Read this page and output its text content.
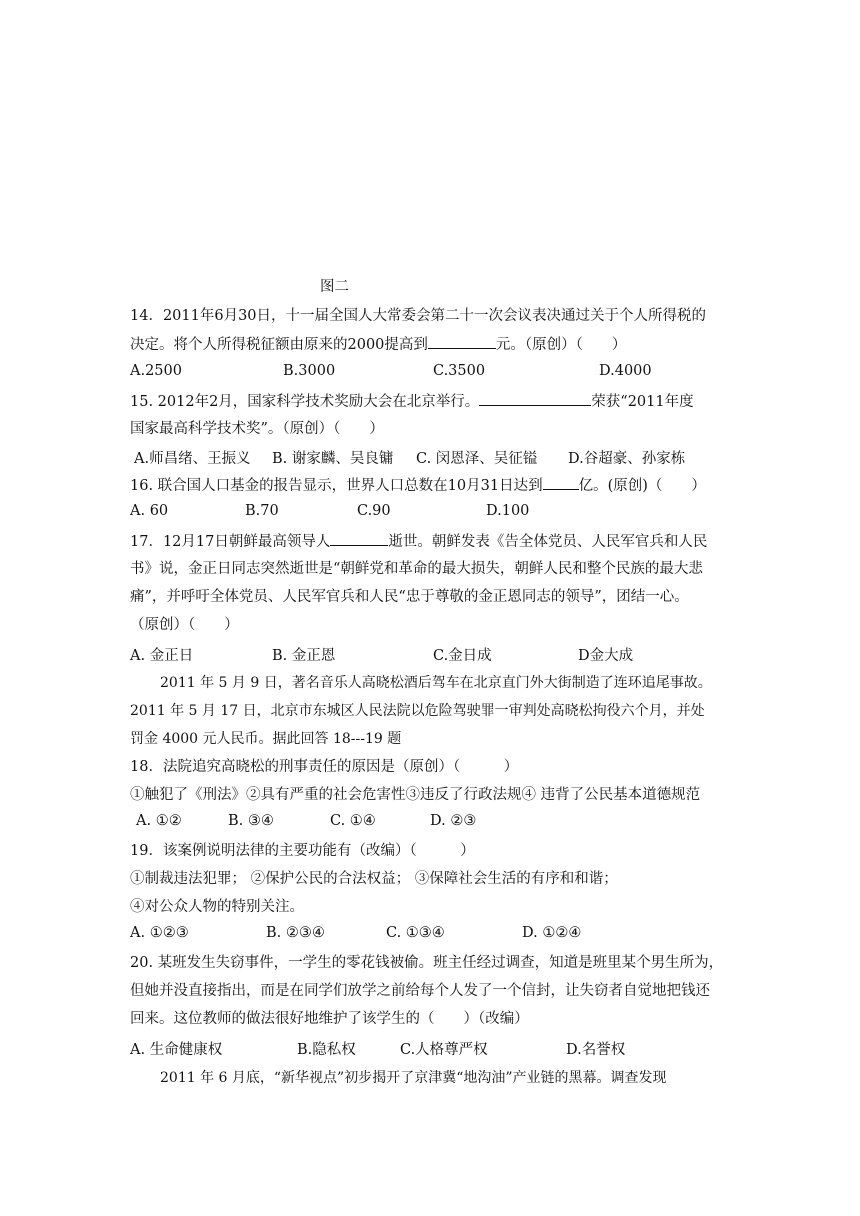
图二
14．2011年6月30日，十一届全国人大常委会第二十一次会议表决通过关于个人所得税的
决定。将个人所得税征额由原来的2000提高到	元。（原创）（　　）
A.2500	B.3000	C.3500	D.4000
15. 2012年2月，国家科学技术奖励大会在北京举行。	荣获“2011年度
国家最高科学技术奖”。（原创）（　　）
A.师昌绪、王振义 B. 谢家麟、吴良镛 C. 闵恩泽、吴征镒 D.谷超豪、孙家栋
16. 联合国人口基金的报告显示，世界人口总数在10月31日达到 亿。(原创)（　　）
A. 60	B.70	C.90	D.100
17．12月17日朝鲜最高领导人	逝世。朝鲜发表《告全体党员、人民军官兵和人民
书》说，金正日同志突然逝世是“朝鲜党和革命的最大损失，朝鲜人民和整个民族的最大悲
痛”，并呼吁全体党员、人民军官兵和人民“忠于尊敬的金正恩同志的领导”，团结一心。
（原创）（　　）
A. 金正日	B. 金正恩	C.金日成	D金大成
2011 年 5 月 9 日，著名音乐人高晓松酒后驾车在北京直门外大街制造了连环追尾事故。
2011 年 5 月 17 日，北京市东城区人民法院以危险驾驶罪一审判处高晓松拘役六个月，并处
罚金 4000 元人民币。据此回答 18---19 题
18．法院追究高晓松的刑事责任的原因是（原创）（　　　）
①触犯了《刑法》②具有严重的社会危害性③违反了行政法规④ 违背了公民基本道德规范
A. ①②	B. ③④	C. ①④	D. ②③
19．该案例说明法律的主要功能有（改编）（　　　）
①制裁违法犯罪； ②保护公民的合法权益； ③保障社会生活的有序和和谐；
④对公众人物的特别关注。
A. ①②③	B. ②③④	C. ①③④	D. ①②④
20. 某班发生失窃事件，一学生的零花钱被偷。班主任经过调查，知道是班里某个男生所为，
但她并没直接指出，而是在同学们放学之前给每个人发了一个信封，让失窃者自觉地把钱还
回来。这位教师的做法很好地维护了该学生的（　　）（改编）
A. 生命健康权	B.隐私权	C.人格尊严权	D.名誉权
2011 年 6 月底，“新华视点”初步揭开了京津冀“地沟油”产业链的黑幕。调查发现
